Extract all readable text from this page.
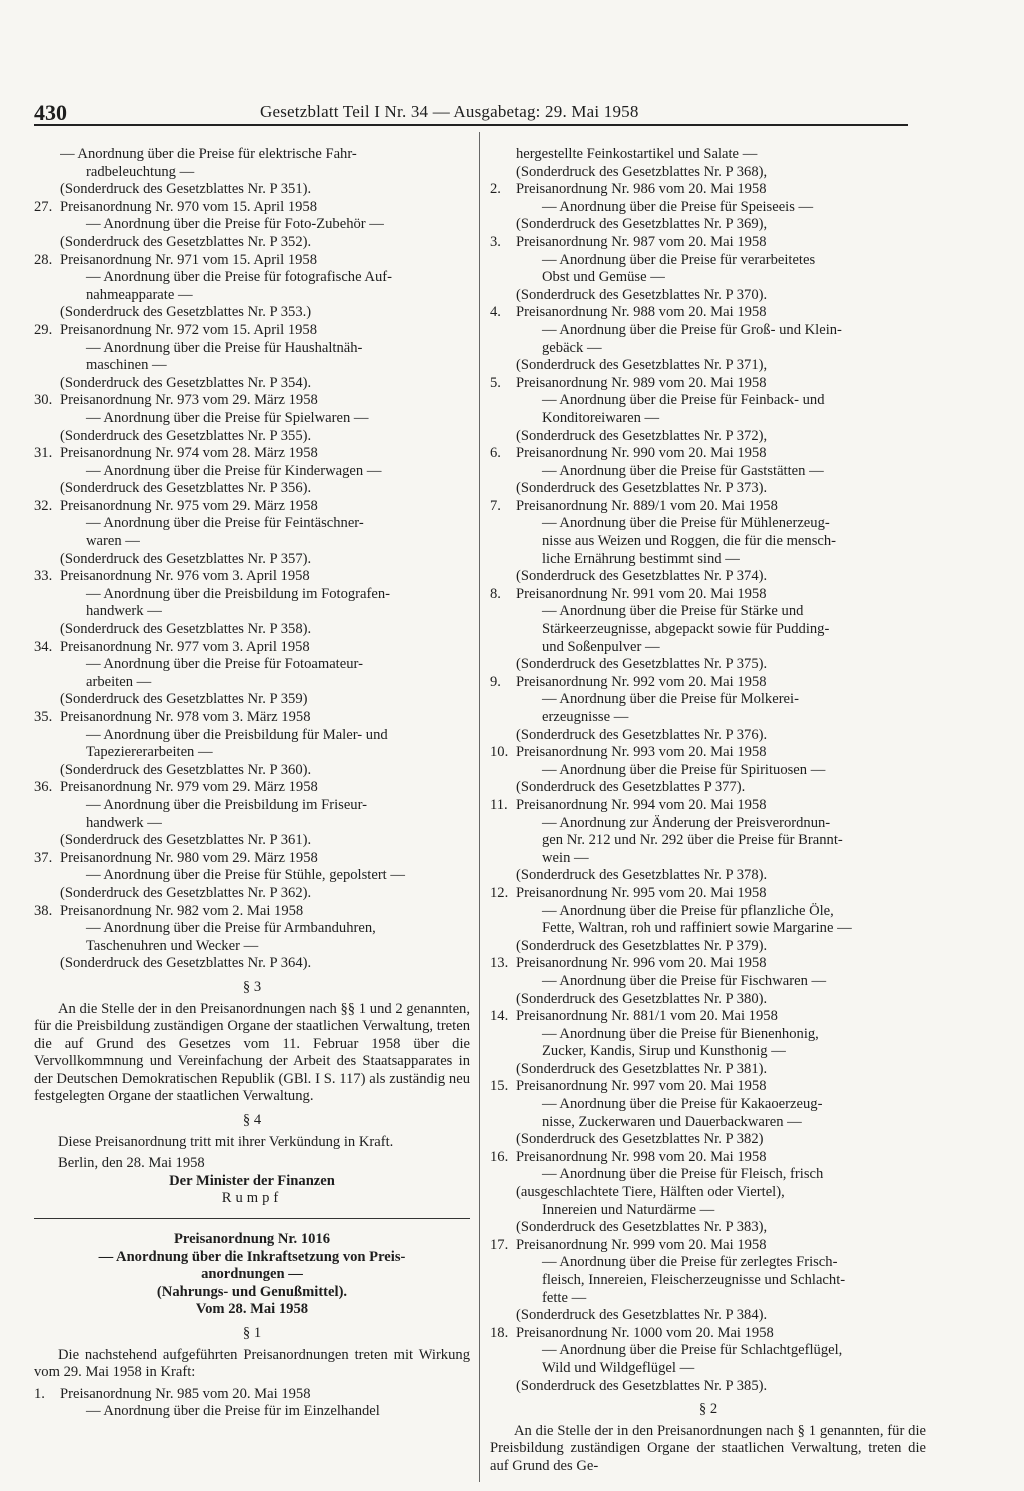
430	Gesetzblatt Teil I Nr. 34 — Ausgabetag: 29. Mai 1958
— Anordnung über die Preise für elektrische Fahr-
radbeleuchtung —
(Sonderdruck des Gesetzblattes Nr. P 351).
27. Preisanordnung Nr. 970 vom 15. April 1958
— Anordnung über die Preise für Foto-Zubehör —
(Sonderdruck des Gesetzblattes Nr. P 352).
28. Preisanordnung Nr. 971 vom 15. April 1958
— Anordnung über die Preise für fotografische Auf-
nahmeapparate —
(Sonderdruck des Gesetzblattes Nr. P 353.)
29. Preisanordnung Nr. 972 vom 15. April 1958
— Anordnung über die Preise für Haushaltnäh-
maschinen —
(Sonderdruck des Gesetzblattes Nr. P 354).
30. Preisanordnung Nr. 973 vom 29. März 1958
— Anordnung über die Preise für Spielwaren —
(Sonderdruck des Gesetzblattes Nr. P 355).
31. Preisanordnung Nr. 974 vom 28. März 1958
— Anordnung über die Preise für Kinderwagen —
(Sonderdruck des Gesetzblattes Nr. P 356).
32. Preisanordnung Nr. 975 vom 29. März 1958
— Anordnung über die Preise für Feintäschner-
waren —
(Sonderdruck des Gesetzblattes Nr. P 357).
33. Preisanordnung Nr. 976 vom 3. April 1958
— Anordnung über die Preisbildung im Fotografen-
handwerk —
(Sonderdruck des Gesetzblattes Nr. P 358).
34. Preisanordnung Nr. 977 vom 3. April 1958
— Anordnung über die Preise für Fotoamateur-
arbeiten —
(Sonderdruck des Gesetzblattes Nr. P 359)
35. Preisanordnung Nr. 978 vom 3. März 1958
— Anordnung über die Preisbildung für Maler- und
Tapeziererarbeiten —
(Sonderdruck des Gesetzblattes Nr. P 360).
36. Preisanordnung Nr. 979 vom 29. März 1958
— Anordnung über die Preisbildung im Friseur-
handwerk —
(Sonderdruck des Gesetzblattes Nr. P 361).
37. Preisanordnung Nr. 980 vom 29. März 1958
— Anordnung über die Preise für Stühle, gepolstert —
(Sonderdruck des Gesetzblattes Nr. P 362).
38. Preisanordnung Nr. 982 vom 2. Mai 1958
— Anordnung über die Preise für Armbanduhren,
Taschenuhren und Wecker —
(Sonderdruck des Gesetzblattes Nr. P 364).
§ 3

An die Stelle der in den Preisanordnungen nach §§ 1 und 2 genannten, für die Preisbildung zuständigen Organe der staatlichen Verwaltung, treten die auf Grund des Gesetzes vom 11. Februar 1958 über die Vervollkommnung und Vereinfachung der Arbeit des Staatsapparates in der Deutschen Demokratischen Republik (GBl. I S. 117) als zuständig neu festgelegten Organe der staatlichen Verwaltung.

§ 4

Diese Preisanordnung tritt mit ihrer Verkündung in Kraft.

Berlin, den 28. Mai 1958
Der Minister der Finanzen
Rumpf
Preisanordnung Nr. 1016
— Anordnung über die Inkraftsetzung von Preis-
anordnungen —
(Nahrungs- und Genußmittel).
Vom 28. Mai 1958
§ 1

Die nachstehend aufgeführten Preisanordnungen treten mit Wirkung vom 29. Mai 1958 in Kraft:

1.	Preisanordnung Nr. 985 vom 20. Mai 1958
— Anordnung über die Preise für im Einzelhandel
hergestellte Feinkostartikel und Salate —
(Sonderdruck des Gesetzblattes Nr. P 368),
2.	Preisanordnung Nr. 986 vom 20. Mai 1958
— Anordnung über die Preise für Speiseeis —
(Sonderdruck des Gesetzblattes Nr. P 369),
3.	Preisanordnung Nr. 987 vom 20. Mai 1958
— Anordnung über die Preise für verarbeitetes
Obst und Gemüse —
(Sonderdruck des Gesetzblattes Nr. P 370).
4.	Preisanordnung Nr. 988 vom 20. Mai 1958
— Anordnung über die Preise für Groß- und Klein-
gebäck —
(Sonderdruck des Gesetzblattes Nr. P 371),
5.	Preisanordnung Nr. 989 vom 20. Mai 1958
— Anordnung über die Preise für Feinback- und
Konditoreiwaren —
(Sonderdruck des Gesetzblattes Nr. P 372),
6.	Preisanordnung Nr. 990 vom 20. Mai 1958
— Anordnung über die Preise für Gaststätten —
(Sonderdruck des Gesetzblattes Nr. P 373).
7.	Preisanordnung Nr. 889/1 vom 20. Mai 1958
— Anordnung über die Preise für Mühlenerzeug-
nisse aus Weizen und Roggen, die für die mensch-
liche Ernährung bestimmt sind —
(Sonderdruck des Gesetzblattes Nr. P 374).
8.	Preisanordnung Nr. 991 vom 20. Mai 1958
— Anordnung über die Preise für Stärke und
Stärkeerzeugnisse, abgepackt sowie für Pudding-
und Soßenpulver —
(Sonderdruck des Gesetzblattes Nr. P 375).
9.	Preisanordnung Nr. 992 vom 20. Mai 1958
— Anordnung über die Preise für Molkerei-
erzeugnisse —
(Sonderdruck des Gesetzblattes Nr. P 376).
10. Preisanordnung Nr. 993 vom 20. Mai 1958
— Anordnung über die Preise für Spirituosen —
(Sonderdruck des Gesetzblattes P 377).
11. Preisanordnung Nr. 994 vom 20. Mai 1958
— Anordnung zur Änderung der Preisverordnun-
gen Nr. 212 und Nr. 292 über die Preise für Brannt-
wein —
(Sonderdruck des Gesetzblattes Nr. P 378).
12. Preisanordnung Nr. 995 vom 20. Mai 1958
— Anordnung über die Preise für pflanzliche Öle,
Fette, Waltran, roh und raffiniert sowie Margarine —
(Sonderdruck des Gesetzblattes Nr. P 379).
13. Preisanordnung Nr. 996 vom 20. Mai 1958
— Anordnung über die Preise für Fischwaren —
(Sonderdruck des Gesetzblattes Nr. P 380).
14. Preisanordnung Nr. 881/1 vom 20. Mai 1958
— Anordnung über die Preise für Bienenhonig,
Zucker, Kandis, Sirup und Kunsthonig —
(Sonderdruck des Gesetzblattes Nr. P 381).
15. Preisanordnung Nr. 997 vom 20. Mai 1958
— Anordnung über die Preise für Kakaoerzeug-
nisse, Zuckerwaren und Dauerbackwaren —
(Sonderdruck des Gesetzblattes Nr. P 382)
16. Preisanordnung Nr. 998 vom 20. Mai 1958
— Anordnung über die Preise für Fleisch, frisch
(ausgeschlachtete Tiere, Hälften oder Viertel),
Innereien und Naturdärme —
(Sonderdruck des Gesetzblattes Nr. P 383),
17. Preisanordnung Nr. 999 vom 20. Mai 1958
— Anordnung über die Preise für zerlegtes Frisch-
fleisch, Innereien, Fleischerzeugnisse und Schlacht-
fette —
(Sonderdruck des Gesetzblattes Nr. P 384).
18. Preisanordnung Nr. 1000 vom 20. Mai 1958
— Anordnung über die Preise für Schlachtgeflügel,
Wild und Wildgeflügel —
(Sonderdruck des Gesetzblattes Nr. P 385).
§ 2

An die Stelle der in den Preisanordnungen nach § 1 genannten, für die Preisbildung zuständigen Organe der staatlichen Verwaltung, treten die auf Grund des Ge-
